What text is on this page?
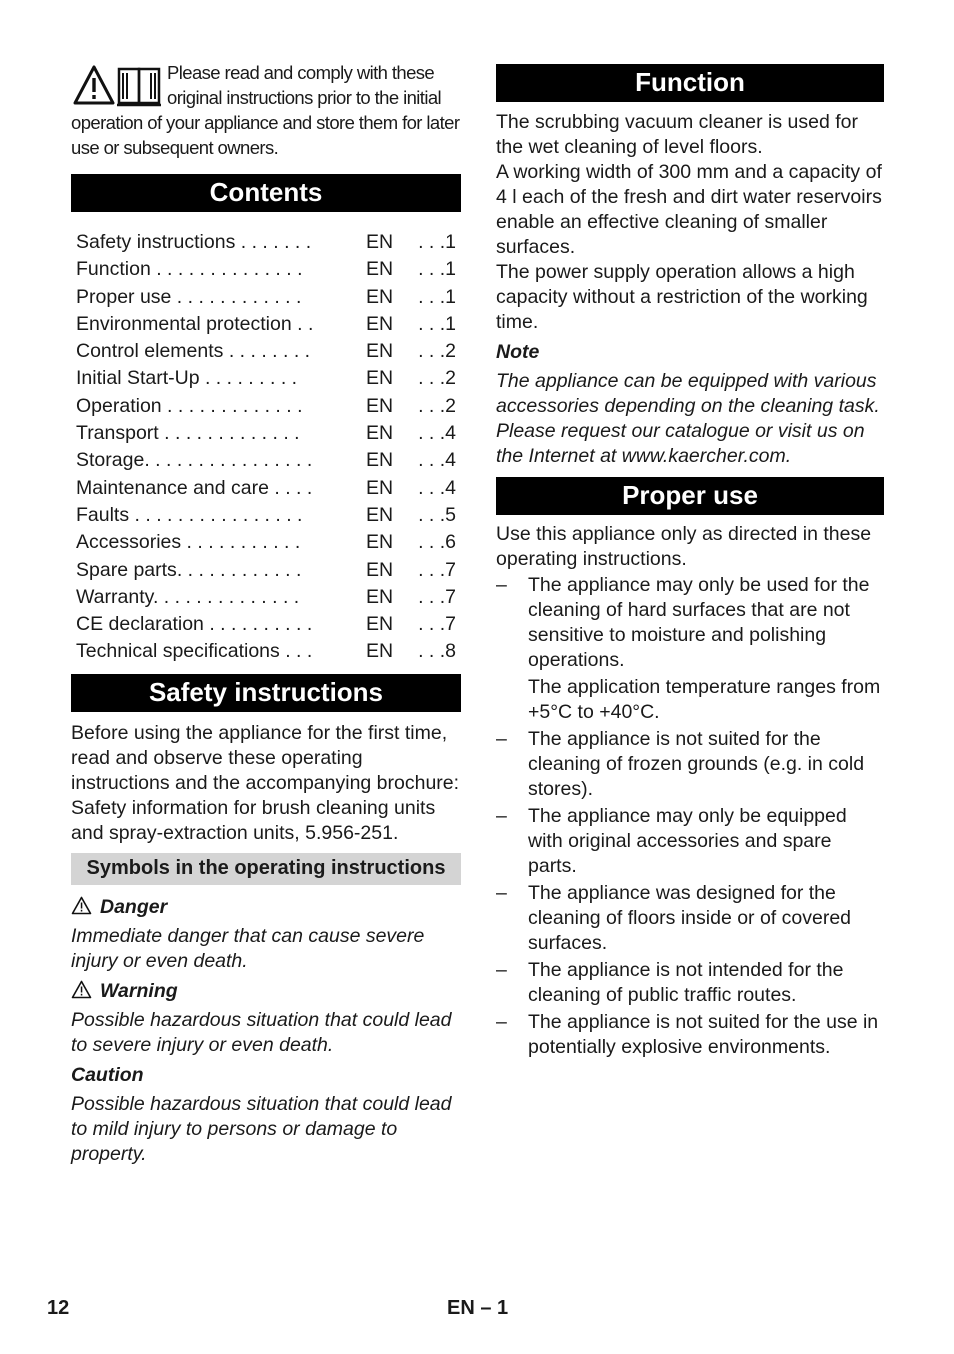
Please read and comply with these original instructions prior to the initial operation of your appliance and store them for later use or subsequent owners.
Contents
Safety instructions . . . . . . .	EN	. . .1
Function . . . . . . . . . . . . . .	EN	. . .1
Proper use . . . . . . . . . . . .	EN	. . .1
Environmental protection . .	EN	. . .1
Control elements . . . . . . . .	EN	. . .2
Initial Start-Up . . . . . . . . .	EN	. . .2
Operation . . . . . . . . . . . . .	EN	. . .2
Transport . . . . . . . . . . . . .	EN	. . .4
Storage. . . . . . . . . . . . . . . .	EN	. . .4
Maintenance and care . . . .	EN	. . .4
Faults . . . . . . . . . . . . . . . .	EN	. . .5
Accessories . . . . . . . . . . .	EN	. . .6
Spare parts. . . . . . . . . . . .	EN	. . .7
Warranty. . . . . . . . . . . . . .	EN	. . .7
CE declaration . . . . . . . . . .	EN	. . .7
Technical specifications . . .	EN	. . .8
Safety instructions

Before using the appliance for the first time, read and observe these operating instructions and the accompanying brochure: Safety information for brush cleaning units and spray-extraction units, 5.956-251.

Symbols in the operating instructions

Danger

Immediate danger that can cause severe injury or even death.

Warning

Possible hazardous situation that could lead to severe injury or even death.

Caution

Possible hazardous situation that could lead to mild injury to persons or damage to property.

Function

The scrubbing vacuum cleaner is used for the wet cleaning of level floors.

A working width of 300 mm and a capacity of 4 l each of the fresh and dirt water reservoirs enable an effective cleaning of smaller surfaces.

The power supply operation allows a high capacity without a restriction of the working time.

Note

The appliance can be equipped with various accessories depending on the cleaning task. Please request our catalogue or visit us on the Internet at www.kaercher.com.

Proper use

Use this appliance only as directed in these operating instructions.

– The appliance may only be used for the cleaning of hard surfaces that are not sensitive to moisture and polishing operations.

The application temperature ranges from +5°C to +40°C.

– The appliance is not suited for the cleaning of frozen grounds (e.g. in cold stores).
– The appliance may only be equipped with original accessories and spare parts.
– The appliance was designed for the cleaning of floors inside or of covered surfaces.
– The appliance is not intended for the cleaning of public traffic routes.
– The appliance is not suited for the use in potentially explosive environments.
12	EN – 1
